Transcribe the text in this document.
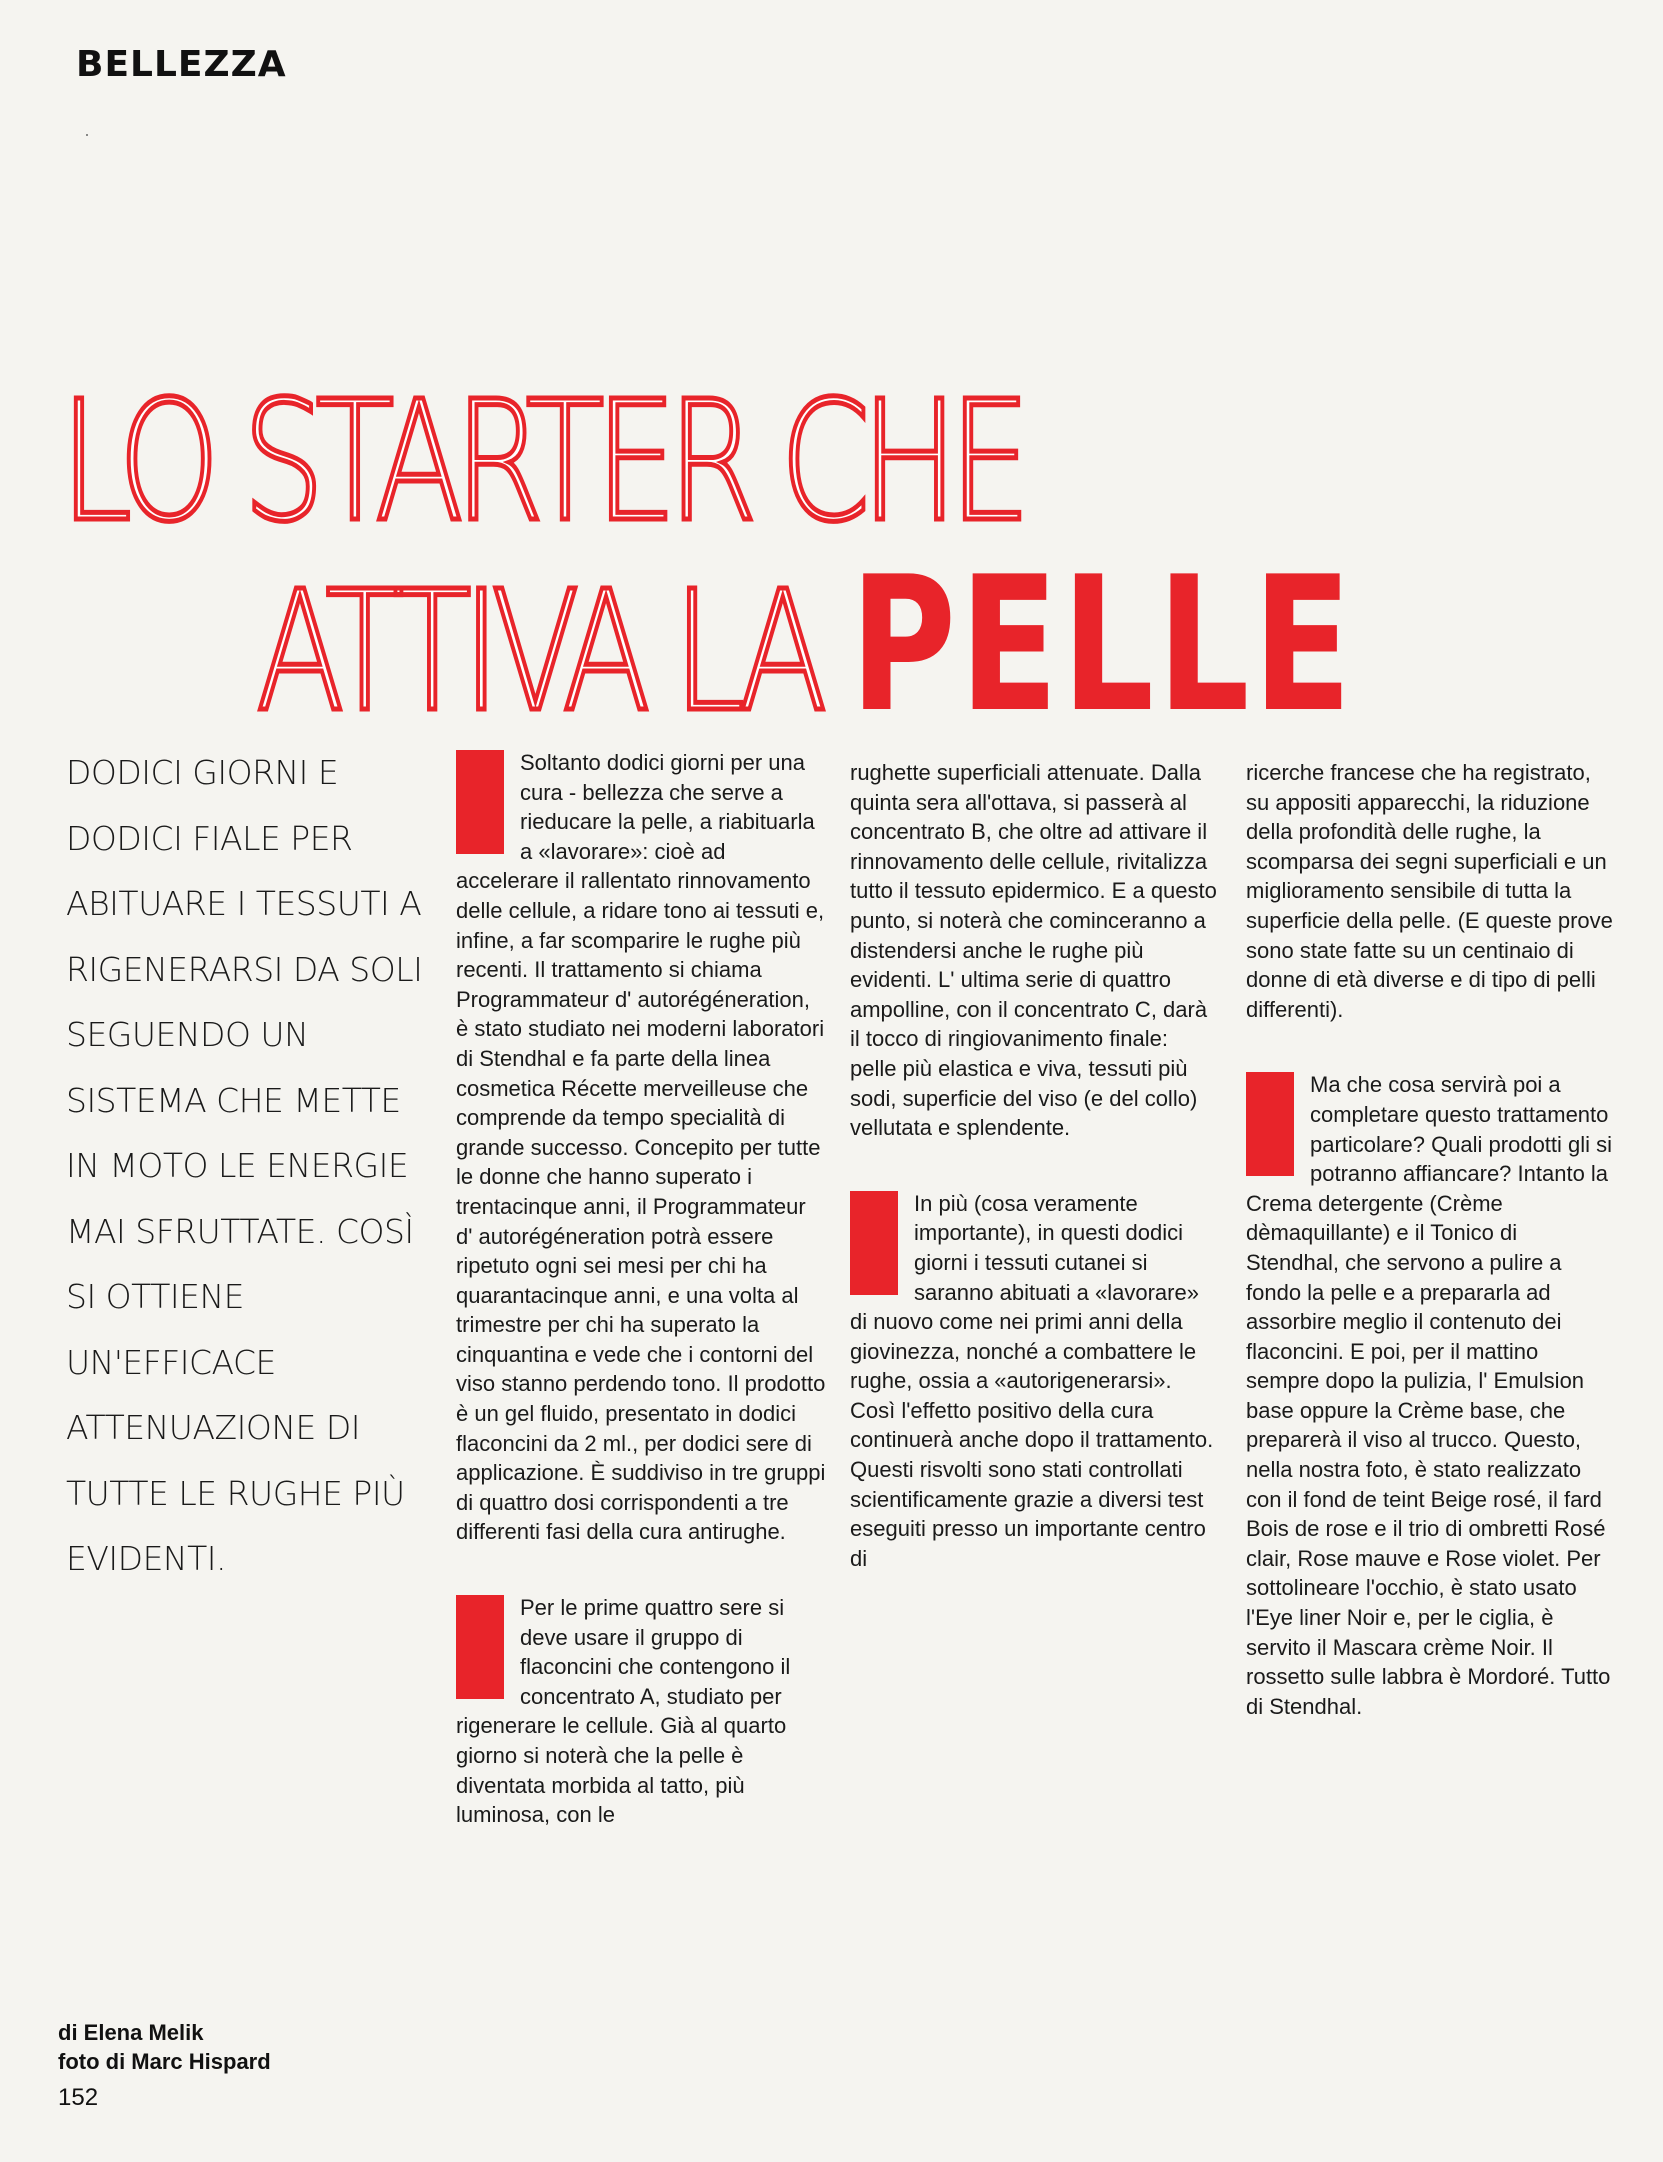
BELLEZZA
LO STARTER CHE
ATTIVA LA PELLE
DODICI GIORNI E DODICI FIALE PER ABITUARE I TESSUTI A RIGENERARSI DA SOLI SEGUENDO UN SISTEMA CHE METTE IN MOTO LE ENERGIE MAI SFRUTTATE. COSÌ SI OTTIENE UN'EFFICACE ATTENUAZIONE DI TUTTE LE RUGHE PIÙ EVIDENTI.

Soltanto dodici giorni per una cura - bellezza che serve a rieducare la pelle, a riabituarla a «lavorare»: cioè ad accelerare il rallentato rinnovamento delle cellule, a ridare tono ai tessuti e, infine, a far scomparire le rughe più recenti. Il trattamento si chiama Programmateur d' autorégéneration, è stato studiato nei moderni laboratori di Stendhal e fa parte della linea cosmetica Récette merveilleuse che comprende da tempo specialità di grande successo. Concepito per tutte le donne che hanno superato i trentacinque anni, il Programmateur d' autorégéneration potrà essere ripetuto ogni sei mesi per chi ha quarantacinque anni, e una volta al trimestre per chi ha superato la cinquantina e vede che i contorni del viso stanno perdendo tono. Il prodotto è un gel fluido, presentato in dodici flaconcini da 2 ml., per dodici sere di applicazione. È suddiviso in tre gruppi di quattro dosi corrispondenti a tre differenti fasi della cura antirughe.

Per le prime quattro sere si deve usare il gruppo di flaconcini che contengono il concentrato A, studiato per rigenerare le cellule. Già al quarto giorno si noterà che la pelle è diventata morbida al tatto, più luminosa, con le

rughette superficiali attenuate. Dalla quinta sera all'ottava, si passerà al concentrato B, che oltre ad attivare il rinnovamento delle cellule, rivitalizza tutto il tessuto epidermico. E a questo punto, si noterà che cominceranno a distendersi anche le rughe più evidenti. L' ultima serie di quattro ampolline, con il concentrato C, darà il tocco di ringiovanimento finale: pelle più elastica e viva, tessuti più sodi, superficie del viso (e del collo) vellutata e splendente.

In più (cosa veramente importante), in questi dodici giorni i tessuti cutanei si saranno abituati a «lavorare» di nuovo come nei primi anni della giovinezza, nonché a combattere le rughe, ossia a «autorigenerarsi». Così l'effetto positivo della cura continuerà anche dopo il trattamento. Questi risvolti sono stati controllati scientificamente grazie a diversi test eseguiti presso un importante centro di

ricerche francese che ha registrato, su appositi apparecchi, la riduzione della profondità delle rughe, la scomparsa dei segni superficiali e un miglioramento sensibile di tutta la superficie della pelle. (E queste prove sono state fatte su un centinaio di donne di età diverse e di tipo di pelli differenti).

Ma che cosa servirà poi a completare questo trattamento particolare? Quali prodotti gli si potranno affiancare? Intanto la Crema detergente (Crème dèmaquillante) e il Tonico di Stendhal, che servono a pulire a fondo la pelle e a prepararla ad assorbire meglio il contenuto dei flaconcini. E poi, per il mattino sempre dopo la pulizia, l' Emulsion base oppure la Crème base, che preparerà il viso al trucco. Questo, nella nostra foto, è stato realizzato con il fond de teint Beige rosé, il fard Bois de rose e il trio di ombretti Rosé clair, Rose mauve e Rose violet. Per sottolineare l'occhio, è stato usato l'Eye liner Noir e, per le ciglia, è servito il Mascara crème Noir. Il rossetto sulle labbra è Mordoré. Tutto di Stendhal.

di Elena Melik
foto di Marc Hispard
152
